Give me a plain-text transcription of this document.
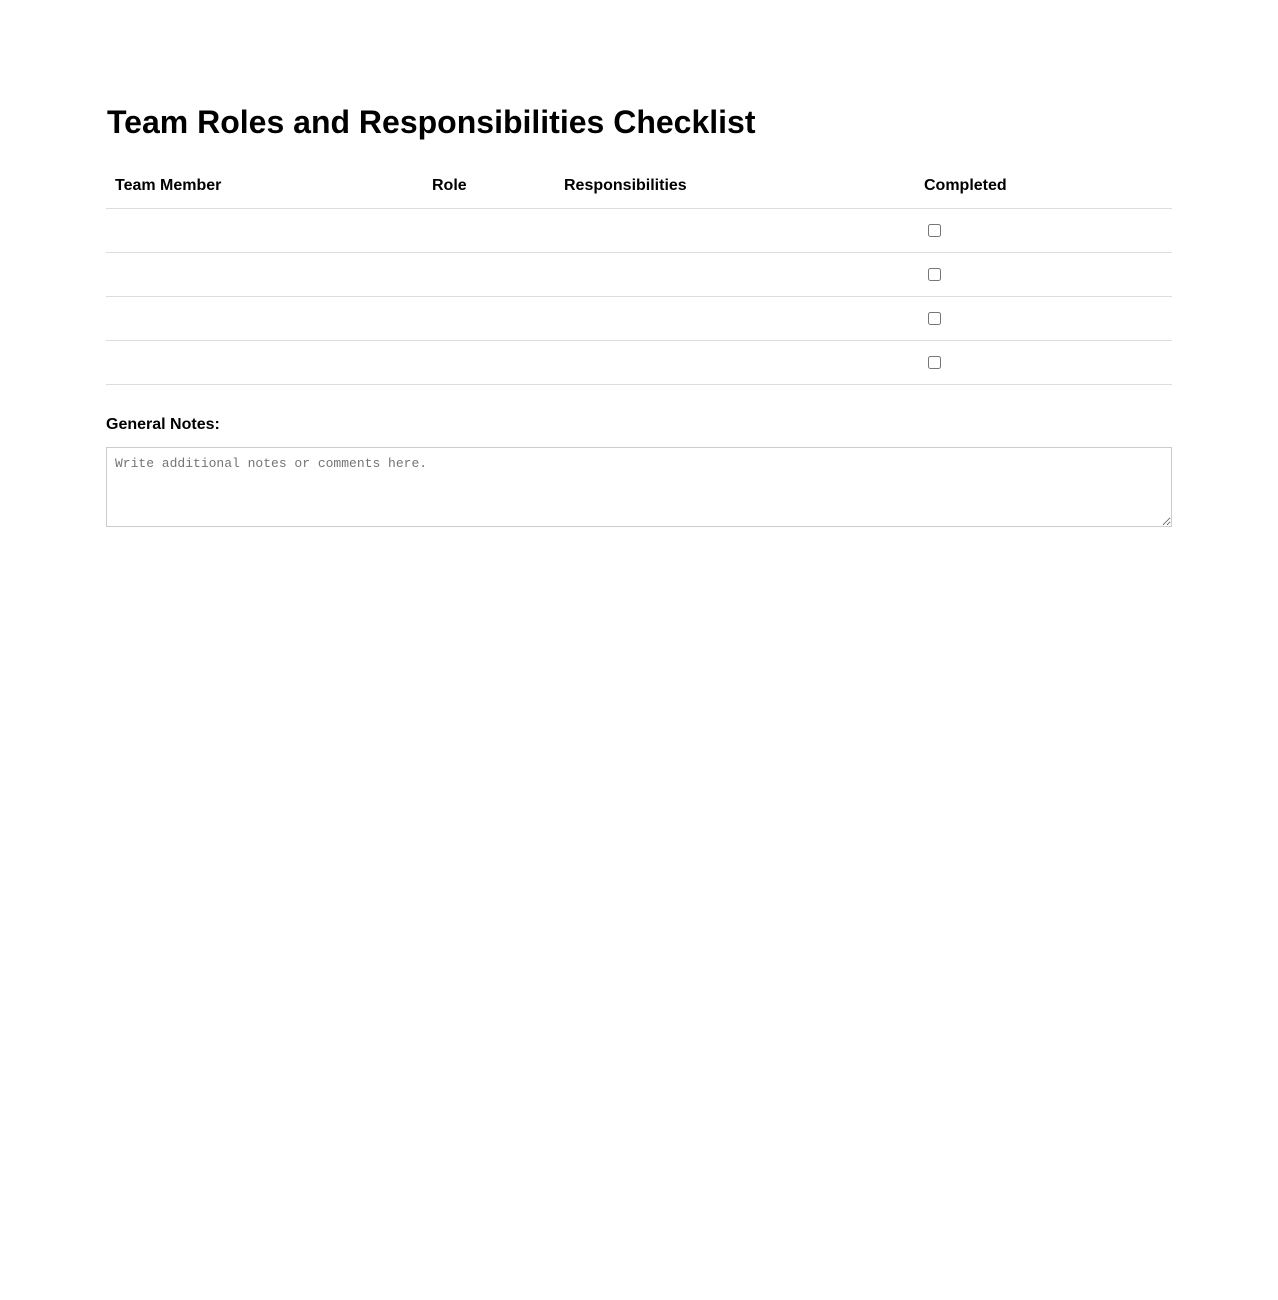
Team Roles and Responsibilities Checklist
Team Member	Role	Responsibilities	Completed

General Notes:
Write additional notes or comments here.
